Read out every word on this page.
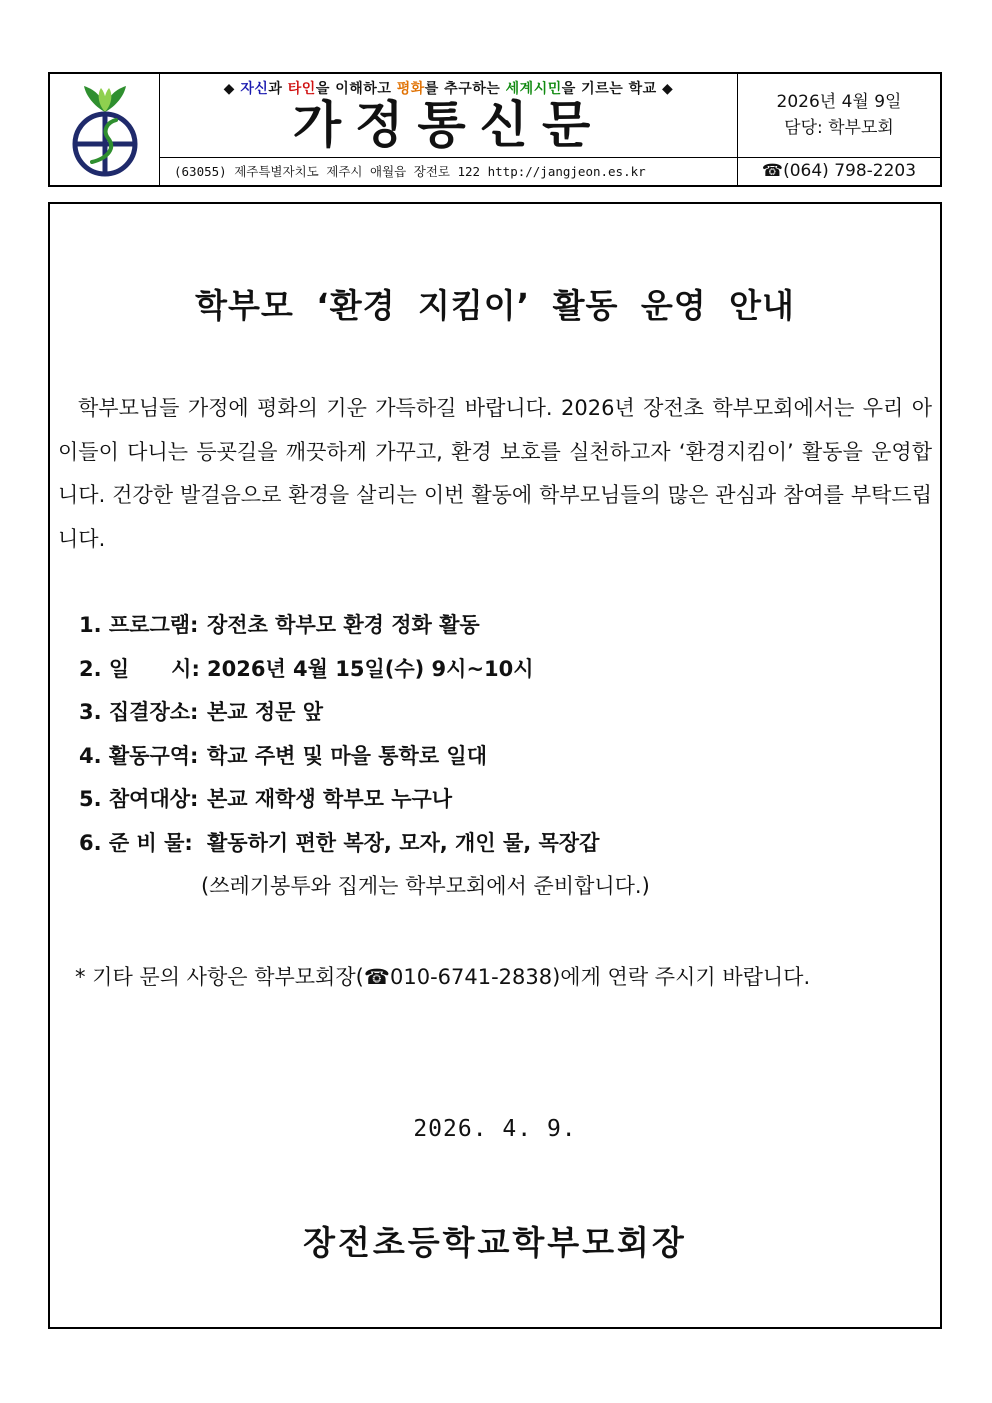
◆ 자신과 타인을 이해하고 평화를 추구하는 세계시민을 기르는 학교 ◆
가정통신문
(63055) 제주특별자치도 제주시 애월읍 장전로 122 http://jangjeon.es.kr
2026년 4월 9일
담당: 학부모회
☎(064) 798-2203
학부모 ‘환경 지킴이’ 활동 운영 안내
학부모님들 가정에 평화의 기운 가득하길 바랍니다. 2026년 장전초 학부모회에서는 우리 아이들이 다니는 등굣길을 깨끗하게 가꾸고, 환경 보호를 실천하고자 ‘환경지킴이’ 활동을 운영합니다. 건강한 발걸음으로 환경을 살리는 이번 활동에 학부모님들의 많은 관심과 참여를 부탁드립니다.
1. 프로그램: 장전초 학부모 환경 정화 활동
2. 일　　시: 2026년 4월 15일(수) 9시~10시
3. 집결장소: 본교 정문 앞
4. 활동구역: 학교 주변 및 마을 통학로 일대
5. 참여대상: 본교 재학생 학부모 누구나
6. 준 비 물: 활동하기 편한 복장, 모자, 개인 물, 목장갑
(쓰레기봉투와 집게는 학부모회에서 준비합니다.)
* 기타 문의 사항은 학부모회장(☎010-6741-2838)에게 연락 주시기 바랍니다.
2026. 4. 9.
장전초등학교학부모회장
